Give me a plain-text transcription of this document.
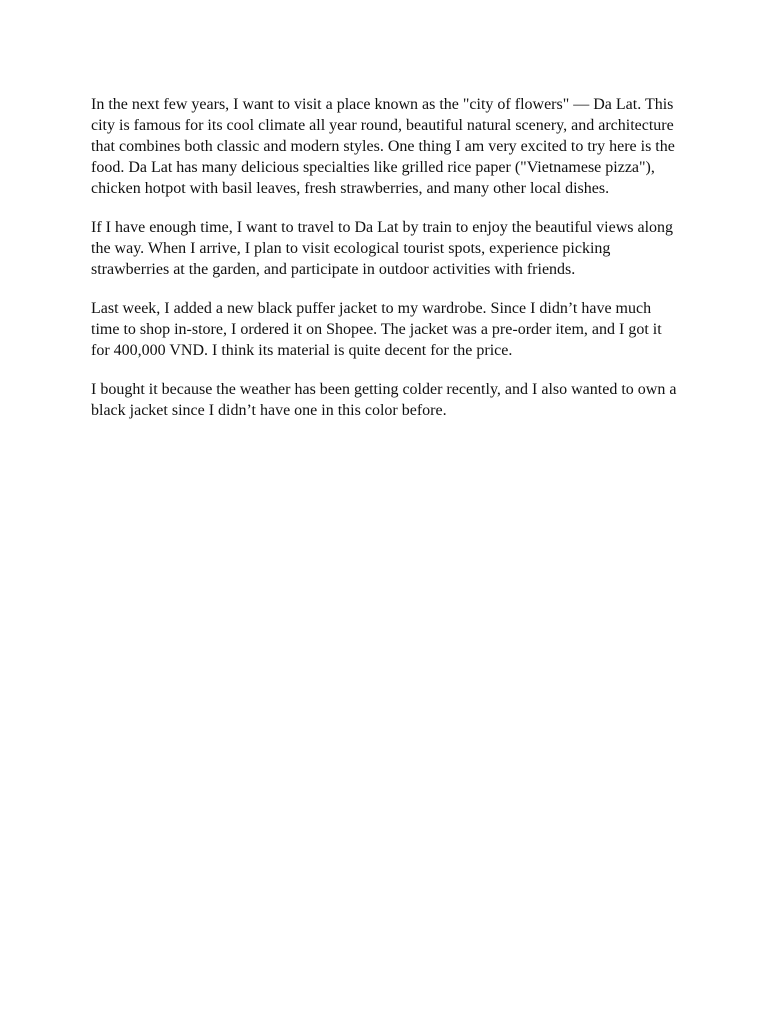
In the next few years, I want to visit a place known as the "city of flowers" — Da Lat. This city is famous for its cool climate all year round, beautiful natural scenery, and architecture that combines both classic and modern styles. One thing I am very excited to try here is the food. Da Lat has many delicious specialties like grilled rice paper ("Vietnamese pizza"), chicken hotpot with basil leaves, fresh strawberries, and many other local dishes.

If I have enough time, I want to travel to Da Lat by train to enjoy the beautiful views along the way. When I arrive, I plan to visit ecological tourist spots, experience picking strawberries at the garden, and participate in outdoor activities with friends.

Last week, I added a new black puffer jacket to my wardrobe. Since I didn’t have much time to shop in-store, I ordered it on Shopee. The jacket was a pre-order item, and I got it for 400,000 VND. I think its material is quite decent for the price.

I bought it because the weather has been getting colder recently, and I also wanted to own a black jacket since I didn’t have one in this color before.
